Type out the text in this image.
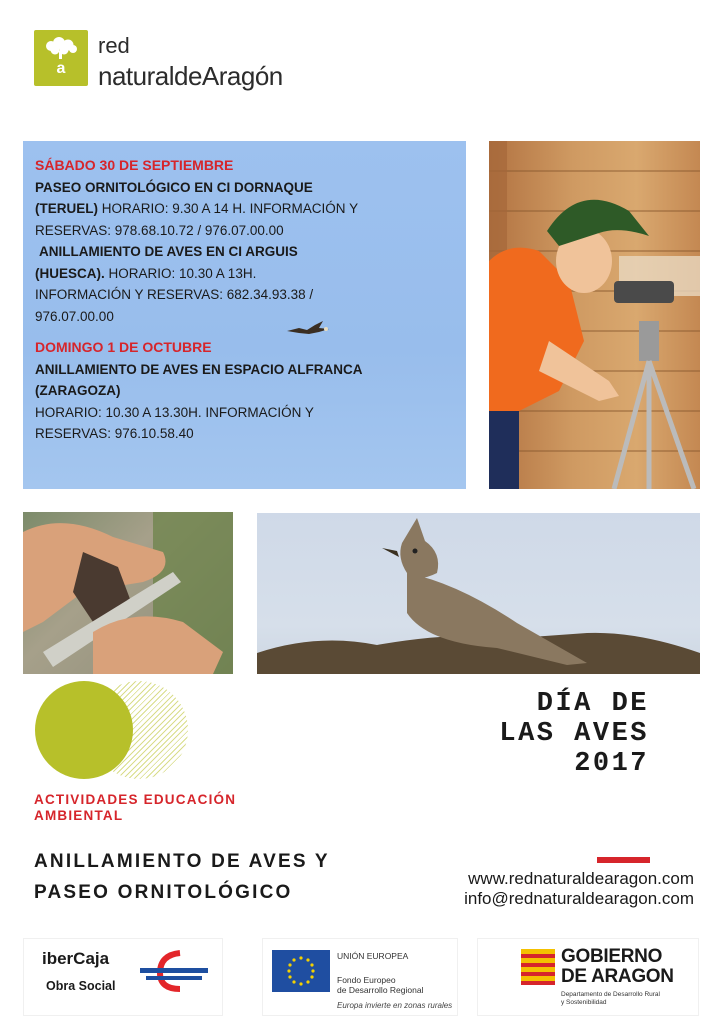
a
red
naturaldeAragón
SÁBADO 30 DE SEPTIEMBRE
PASEO ORNITOLÓGICO EN CI DORNAQUE
(TERUEL) HORARIO: 9.30 A 14 H. INFORMACIÓN Y
RESERVAS: 978.68.10.72 / 976.07.00.00
ANILLAMIENTO DE AVES EN CI ARGUIS
(HUESCA). HORARIO: 10.30 A 13H.
INFORMACIÓN Y RESERVAS: 682.34.93.38 /
976.07.00.00
DOMINGO 1 DE OCTUBRE
ANILLAMIENTO DE AVES EN ESPACIO ALFRANCA
(ZARAGOZA)
HORARIO: 10.30 A 13.30H. INFORMACIÓN Y
RESERVAS: 976.10.58.40
ACTIVIDADES EDUCACIÓN
AMBIENTAL
DÍA DE
LAS AVES
2017
ANILLAMIENTO DE AVES Y
PASEO ORNITOLÓGICO
www.rednaturaldearagon.com
info@rednaturaldearagon.com
iberCaja
Obra Social
UNIÓN EUROPEA
Fondo Europeo
de Desarrollo Regional
Europa invierte en zonas rurales
GOBIERNO
DE ARAGON
Departamento de Desarrollo Rural
y Sostenibilidad
